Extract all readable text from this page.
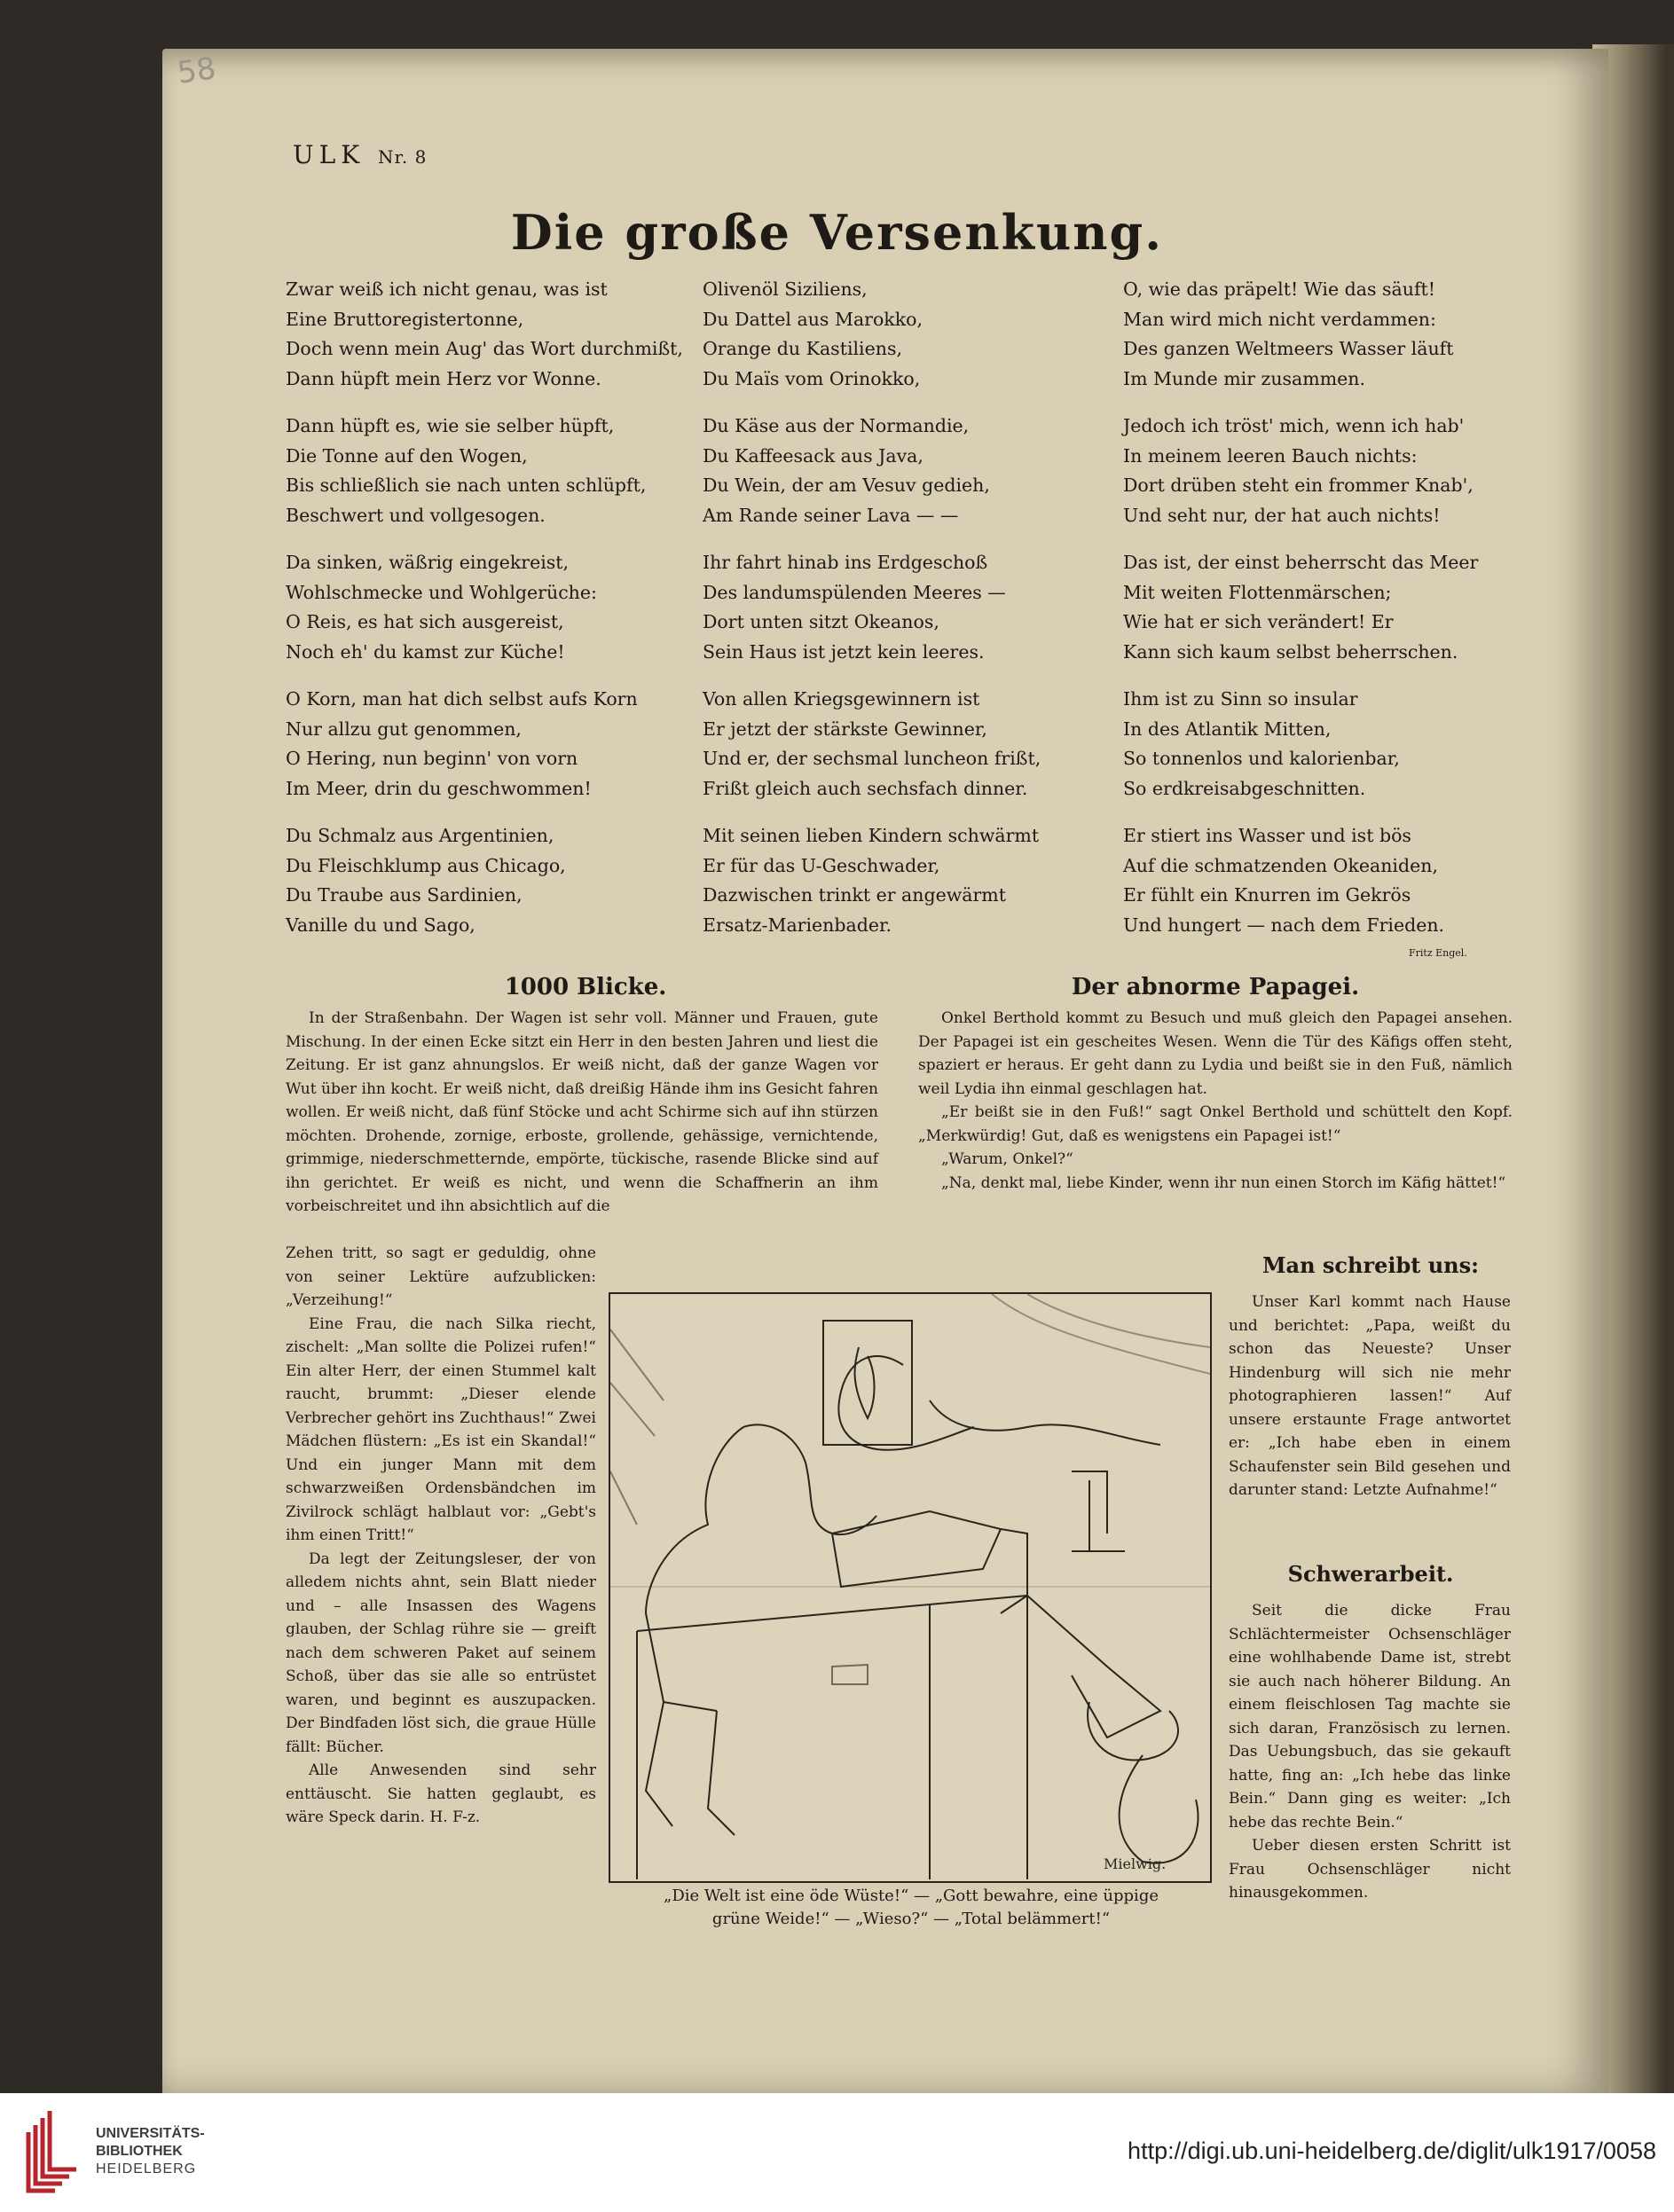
58
ULK Nr. 8
Die große Versenkung.
Zwar weiß ich nicht genau, was ist
Eine Bruttoregistertonne,
Doch wenn mein Aug' das Wort durchmißt,
Dann hüpft mein Herz vor Wonne.
Dann hüpft es, wie sie selber hüpft,
Die Tonne auf den Wogen,
Bis schließlich sie nach unten schlüpft,
Beschwert und vollgesogen.
Da sinken, wäßrig eingekreist,
Wohlschmecke und Wohlgerüche:
O Reis, es hat sich ausgereist,
Noch eh' du kamst zur Küche!
O Korn, man hat dich selbst aufs Korn
Nur allzu gut genommen,
O Hering, nun beginn' von vorn
Im Meer, drin du geschwommen!
Du Schmalz aus Argentinien,
Du Fleischklump aus Chicago,
Du Traube aus Sardinien,
Vanille du und Sago,
Olivenöl Siziliens,
Du Dattel aus Marokko,
Orange du Kastiliens,
Du Maïs vom Orinokko,
Du Käse aus der Normandie,
Du Kaffeesack aus Java,
Du Wein, der am Vesuv gedieh,
Am Rande seiner Lava — —
Ihr fahrt hinab ins Erdgeschoß
Des landumspülenden Meeres —
Dort unten sitzt Okeanos,
Sein Haus ist jetzt kein leeres.
Von allen Kriegsgewinnern ist
Er jetzt der stärkste Gewinner,
Und er, der sechsmal luncheon frißt,
Frißt gleich auch sechsfach dinner.
Mit seinen lieben Kindern schwärmt
Er für das U-Geschwader,
Dazwischen trinkt er angewärmt
Ersatz-Marienbader.
O, wie das präpelt! Wie das säuft!
Man wird mich nicht verdammen:
Des ganzen Weltmeers Wasser läuft
Im Munde mir zusammen.
Jedoch ich tröst' mich, wenn ich hab'
In meinem leeren Bauch nichts:
Dort drüben steht ein frommer Knab',
Und seht nur, der hat auch nichts!
Das ist, der einst beherrscht das Meer
Mit weiten Flottenmärschen;
Wie hat er sich verändert! Er
Kann sich kaum selbst beherrschen.
Ihm ist zu Sinn so insular
In des Atlantik Mitten,
So tonnenlos und kalorienbar,
So erdkreisabgeschnitten.
Er stiert ins Wasser und ist bös
Auf die schmatzenden Okeaniden,
Er fühlt ein Knurren im Gekrös
Und hungert — nach dem Frieden.
Fritz Engel.
1000 Blicke.

In der Straßenbahn. Der Wagen ist sehr voll. Männer und Frauen, gute Mischung. In der einen Ecke sitzt ein Herr in den besten Jahren und liest die Zeitung. Er ist ganz ahnungslos. Er weiß nicht, daß der ganze Wagen vor Wut über ihn kocht. Er weiß nicht, daß dreißig Hände ihm ins Gesicht fahren wollen. Er weiß nicht, daß fünf Stöcke und acht Schirme sich auf ihn stürzen möchten. Drohende, zornige, erboste, grollende, gehässige, vernichtende, grimmige, niederschmetternde, empörte, tückische, rasende Blicke sind auf ihn gerichtet. Er weiß es nicht, und wenn die Schaffnerin an ihm vorbeischreitet und ihn absichtlich auf die

Zehen tritt, so sagt er geduldig, ohne von seiner Lektüre aufzublicken: „Verzeihung!“

Eine Frau, die nach Silka riecht, zischelt: „Man sollte die Polizei rufen!“ Ein alter Herr, der einen Stummel kalt raucht, brummt: „Dieser elende Verbrecher gehört ins Zuchthaus!“ Zwei Mädchen flüstern: „Es ist ein Skandal!“ Und ein junger Mann mit dem schwarzweißen Ordensbändchen im Zivilrock schlägt halblaut vor: „Gebt's ihm einen Tritt!“

Da legt der Zeitungsleser, der von alledem nichts ahnt, sein Blatt nieder und – alle Insassen des Wagens glauben, der Schlag rühre sie — greift nach dem schweren Paket auf seinem Schoß, über das sie alle so entrüstet waren, und beginnt es auszupacken. Der Bindfaden löst sich, die graue Hülle fällt: Bücher.

Alle Anwesenden sind sehr enttäuscht. Sie hatten geglaubt, es wäre Speck darin. H. F-z.

Der abnorme Papagei.

Onkel Berthold kommt zu Besuch und muß gleich den Papagei ansehen. Der Papagei ist ein gescheites Wesen. Wenn die Tür des Käfigs offen steht, spaziert er heraus. Er geht dann zu Lydia und beißt sie in den Fuß, nämlich weil Lydia ihn einmal geschlagen hat.

„Er beißt sie in den Fuß!“ sagt Onkel Berthold und schüttelt den Kopf. „Merkwürdig! Gut, daß es wenigstens ein Papagei ist!“

„Warum, Onkel?“

„Na, denkt mal, liebe Kinder, wenn ihr nun einen Storch im Käfig hättet!“

Man schreibt uns:

Unser Karl kommt nach Hause und berichtet: „Papa, weißt du schon das Neueste? Unser Hindenburg will sich nie mehr photographieren lassen!“ Auf unsere erstaunte Frage antwortet er: „Ich habe eben in einem Schaufenster sein Bild gesehen und darunter stand: Letzte Aufnahme!“

Schwerarbeit.

Seit die dicke Frau Schlächtermeister Ochsenschläger eine wohlhabende Dame ist, strebt sie auch nach höherer Bildung. An einem fleischlosen Tag machte sie sich daran, Französisch zu lernen. Das Uebungsbuch, das sie gekauft hatte, fing an: „Ich hebe das linke Bein.“ Dann ging es weiter: „Ich hebe das rechte Bein.“

Ueber diesen ersten Schritt ist Frau Ochsenschläger nicht hinausgekommen.

Mielwig.
„Die Welt ist eine öde Wüste!“ — „Gott bewahre, eine üppige
grüne Weide!“ — „Wieso?“ — „Total belämmert!“
UNIVERSITÄTS-
BIBLIOTHEK
HEIDELBERG
http://digi.ub.uni-heidelberg.de/diglit/ulk1917/0058
